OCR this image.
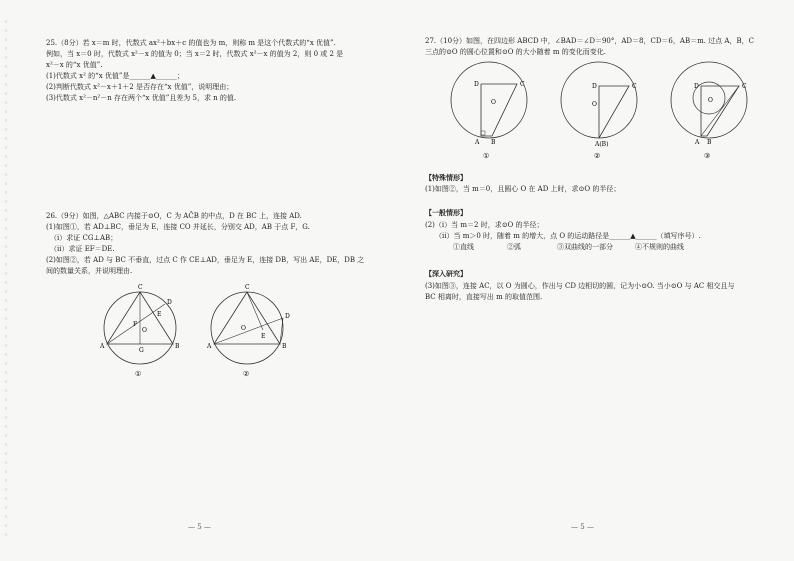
25.（8分）若 x＝m 时，代数式 ax²＋bx＋c 的值也为 m，则称 m 是这个代数式的“x 优值”.
例如，当 x＝0 时，代数式 x²－x 的值为 0；当 x＝2 时，代数式 x²－x 的值为 2，则 0 或 2 是
x²－x 的“x 优值”.
(1)代数式 x² 的“x 优值”是______▲______；
(2)判断代数式 x²－x＋1＋2 是否存在“x 优值”，说明理由；
(3)代数式 x²－n²－n 存在两个“x 优值”且差为 5，求 n 的值.
26.（9分）如图，△ABC 内接于⊙O，C 为 AĈB 的中点，D 在 BC 上，连接 AD.
(1)如图①，若 AD⊥BC，垂足为 E，连接 CO 并延长，分别交 AD，AB 于点 F，G.
（ⅰ）求证 CG⊥AB；
（ⅱ）求证 EF＝DE.
(2)如图②，若 AD 与 BC 不垂直，过点 C 作 CE⊥AD，垂足为 E，连接 DB，写出 AE，DE，DB 之
间的数量关系，并说明理由.
C
A	B
D
E
F
G
O
①
C
A	B
D
E
O
②
— 5 —
27.（10分）如图，在四边形 ABCD 中，∠BAD＝∠D＝90°，AD＝8，CD＝6，AB＝m. 过点 A，B，C
三点的⊙O 的圆心位置和⊙O 的大小随着 m 的变化而变化.
D	C
A B
O
①
D	C
O
A(B)
②
D	C
A B
O
③
【特殊情形】
(1)如图②，当 m＝0，且圆心 O 在 AD 上时，求⊙O 的半径；
【一般情形】
(2)（ⅰ）当 m＝2 时，求⊙O 的半径；
（ⅱ）当 m＞0 时，随着 m 的增大，点 O 的运动路径是______▲______（填写序号）.
①直线	②弧	③双曲线的一部分	④不规则的曲线
【深入研究】
(3)如图③，连接 AC，以 O 为圆心，作出与 CD 边相切的圆，记为小⊙O. 当小⊙O 与 AC 相交且与
BC 相离时，直接写出 m 的取值范围.
— 5 —
